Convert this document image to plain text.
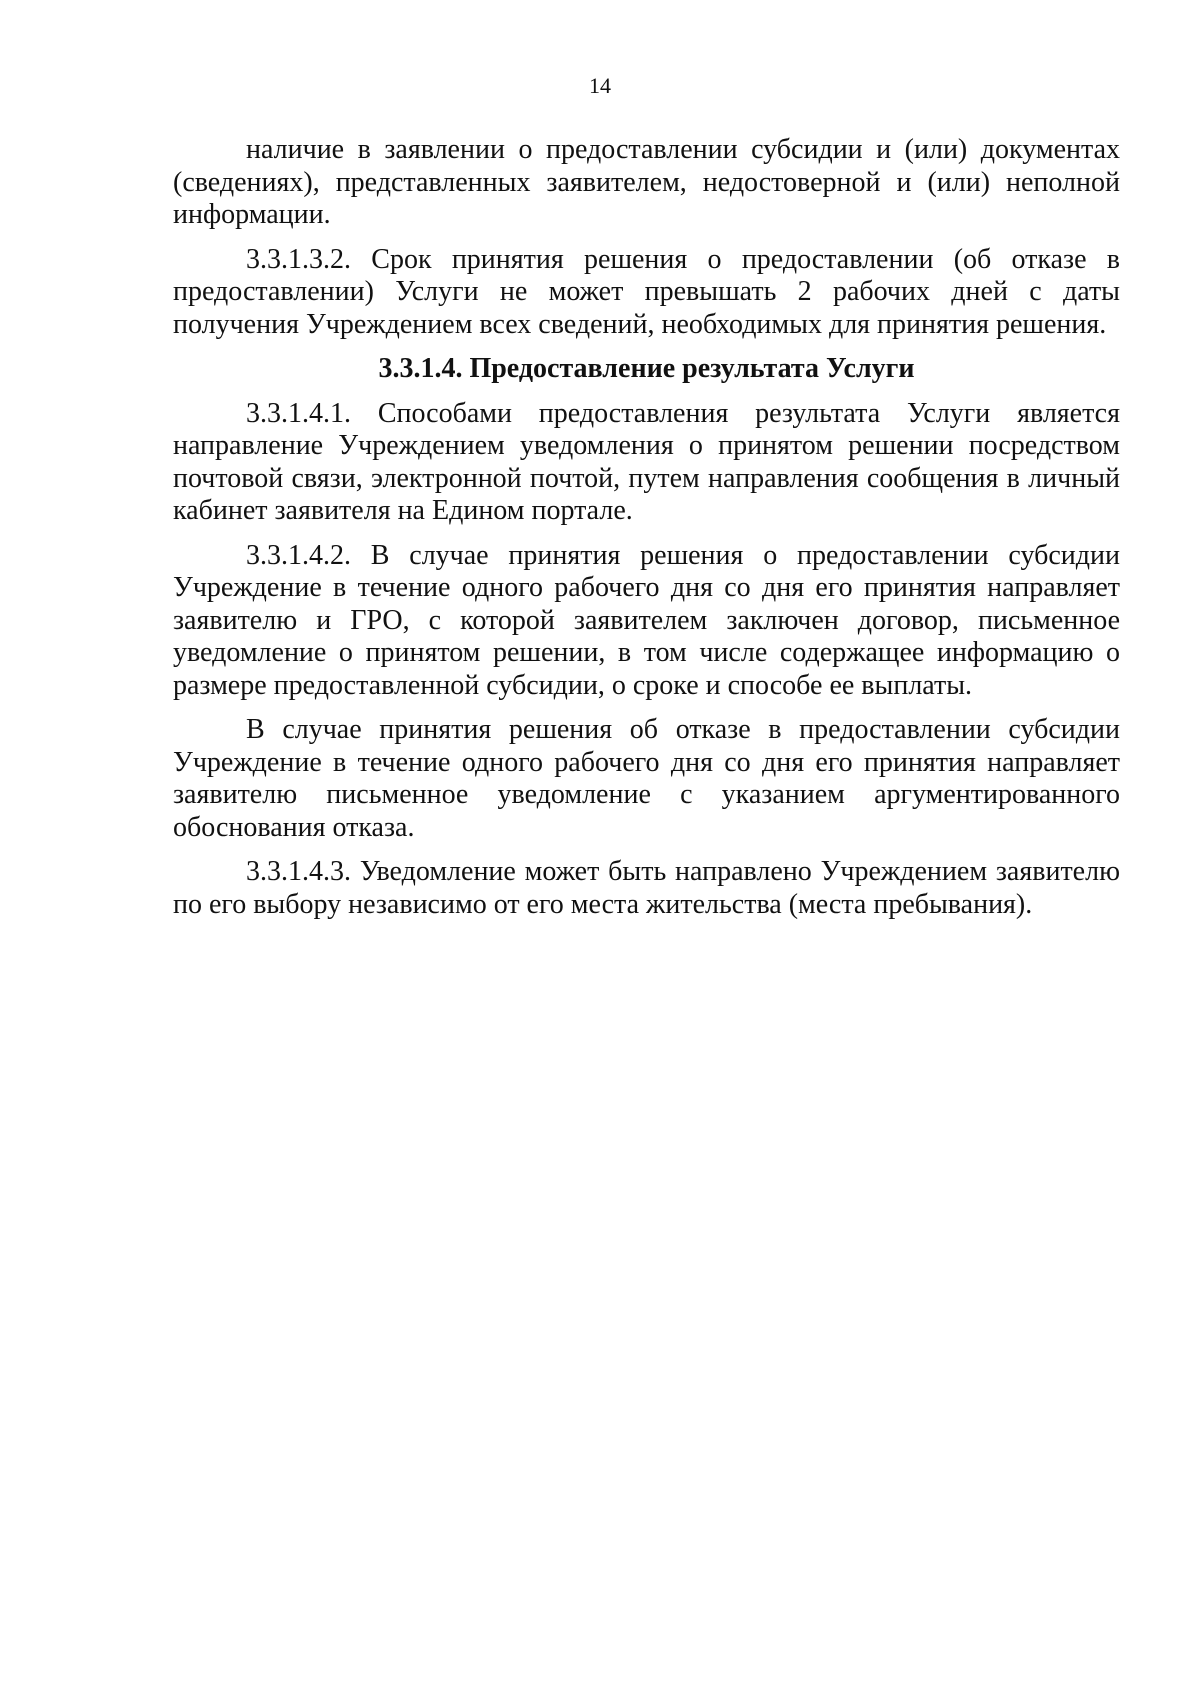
14

наличие в заявлении о предоставлении субсидии и (или) документах (сведениях), представленных заявителем, недостоверной и (или) неполной информации.

3.3.1.3.2. Срок принятия решения о предоставлении (об отказе в предоставлении) Услуги не может превышать 2 рабочих дней с даты получения Учреждением всех сведений, необходимых для принятия решения.

3.3.1.4. Предоставление результата Услуги

3.3.1.4.1. Способами предоставления результата Услуги является направление Учреждением уведомления о принятом решении посредством почтовой связи, электронной почтой, путем направления сообщения в личный кабинет заявителя на Едином портале.

3.3.1.4.2. В случае принятия решения о предоставлении субсидии Учреждение в течение одного рабочего дня со дня его принятия направляет заявителю и ГРО, с которой заявителем заключен договор, письменное уведомление о принятом решении, в том числе содержащее информацию о размере предоставленной субсидии, о сроке и способе ее выплаты.

В случае принятия решения об отказе в предоставлении субсидии Учреждение в течение одного рабочего дня со дня его принятия направляет заявителю письменное уведомление с указанием аргументированного обоснования отказа.

3.3.1.4.3. Уведомление может быть направлено Учреждением заявителю по его выбору независимо от его места жительства (места пребывания).
